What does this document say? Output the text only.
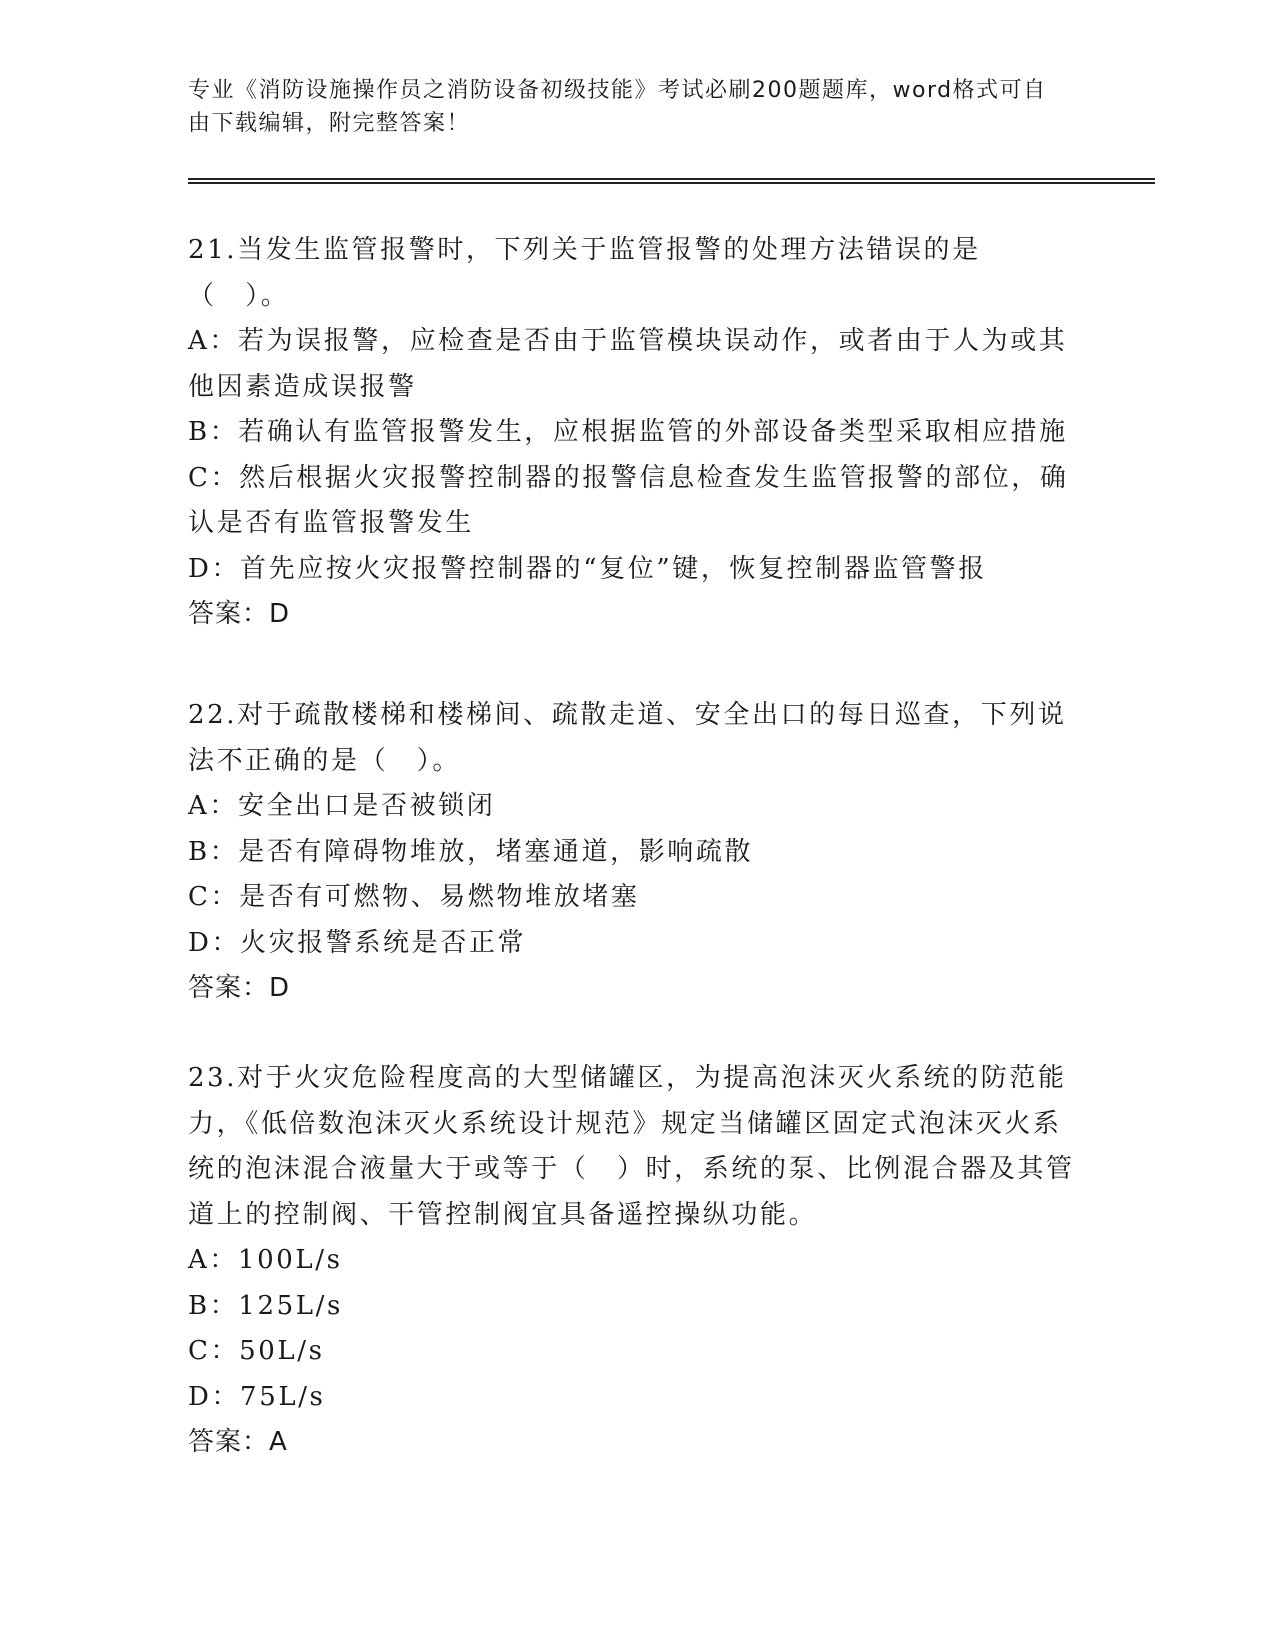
专业《消防设施操作员之消防设备初级技能》考试必刷200题题库，word格式可自由下载编辑，附完整答案！

21.当发生监管报警时，下列关于监管报警的处理方法错误的是（　）。

A：若为误报警，应检查是否由于监管模块误动作，或者由于人为或其他因素造成误报警

B：若确认有监管报警发生，应根据监管的外部设备类型采取相应措施

C：然后根据火灾报警控制器的报警信息检查发生监管报警的部位，确认是否有监管报警发生

D：首先应按火灾报警控制器的“复位”键，恢复控制器监管警报

答案：D

22.对于疏散楼梯和楼梯间、疏散走道、安全出口的每日巡查，下列说法不正确的是（　）。

A：安全出口是否被锁闭

B：是否有障碍物堆放，堵塞通道，影响疏散

C：是否有可燃物、易燃物堆放堵塞

D：火灾报警系统是否正常

答案：D

23.对于火灾危险程度高的大型储罐区，为提高泡沫灭火系统的防范能力，《低倍数泡沫灭火系统设计规范》规定当储罐区固定式泡沫灭火系统的泡沫混合液量大于或等于（　）时，系统的泵、比例混合器及其管道上的控制阀、干管控制阀宜具备遥控操纵功能。

A：100L/s

B：125L/s

C：50L/s

D：75L/s

答案：A
